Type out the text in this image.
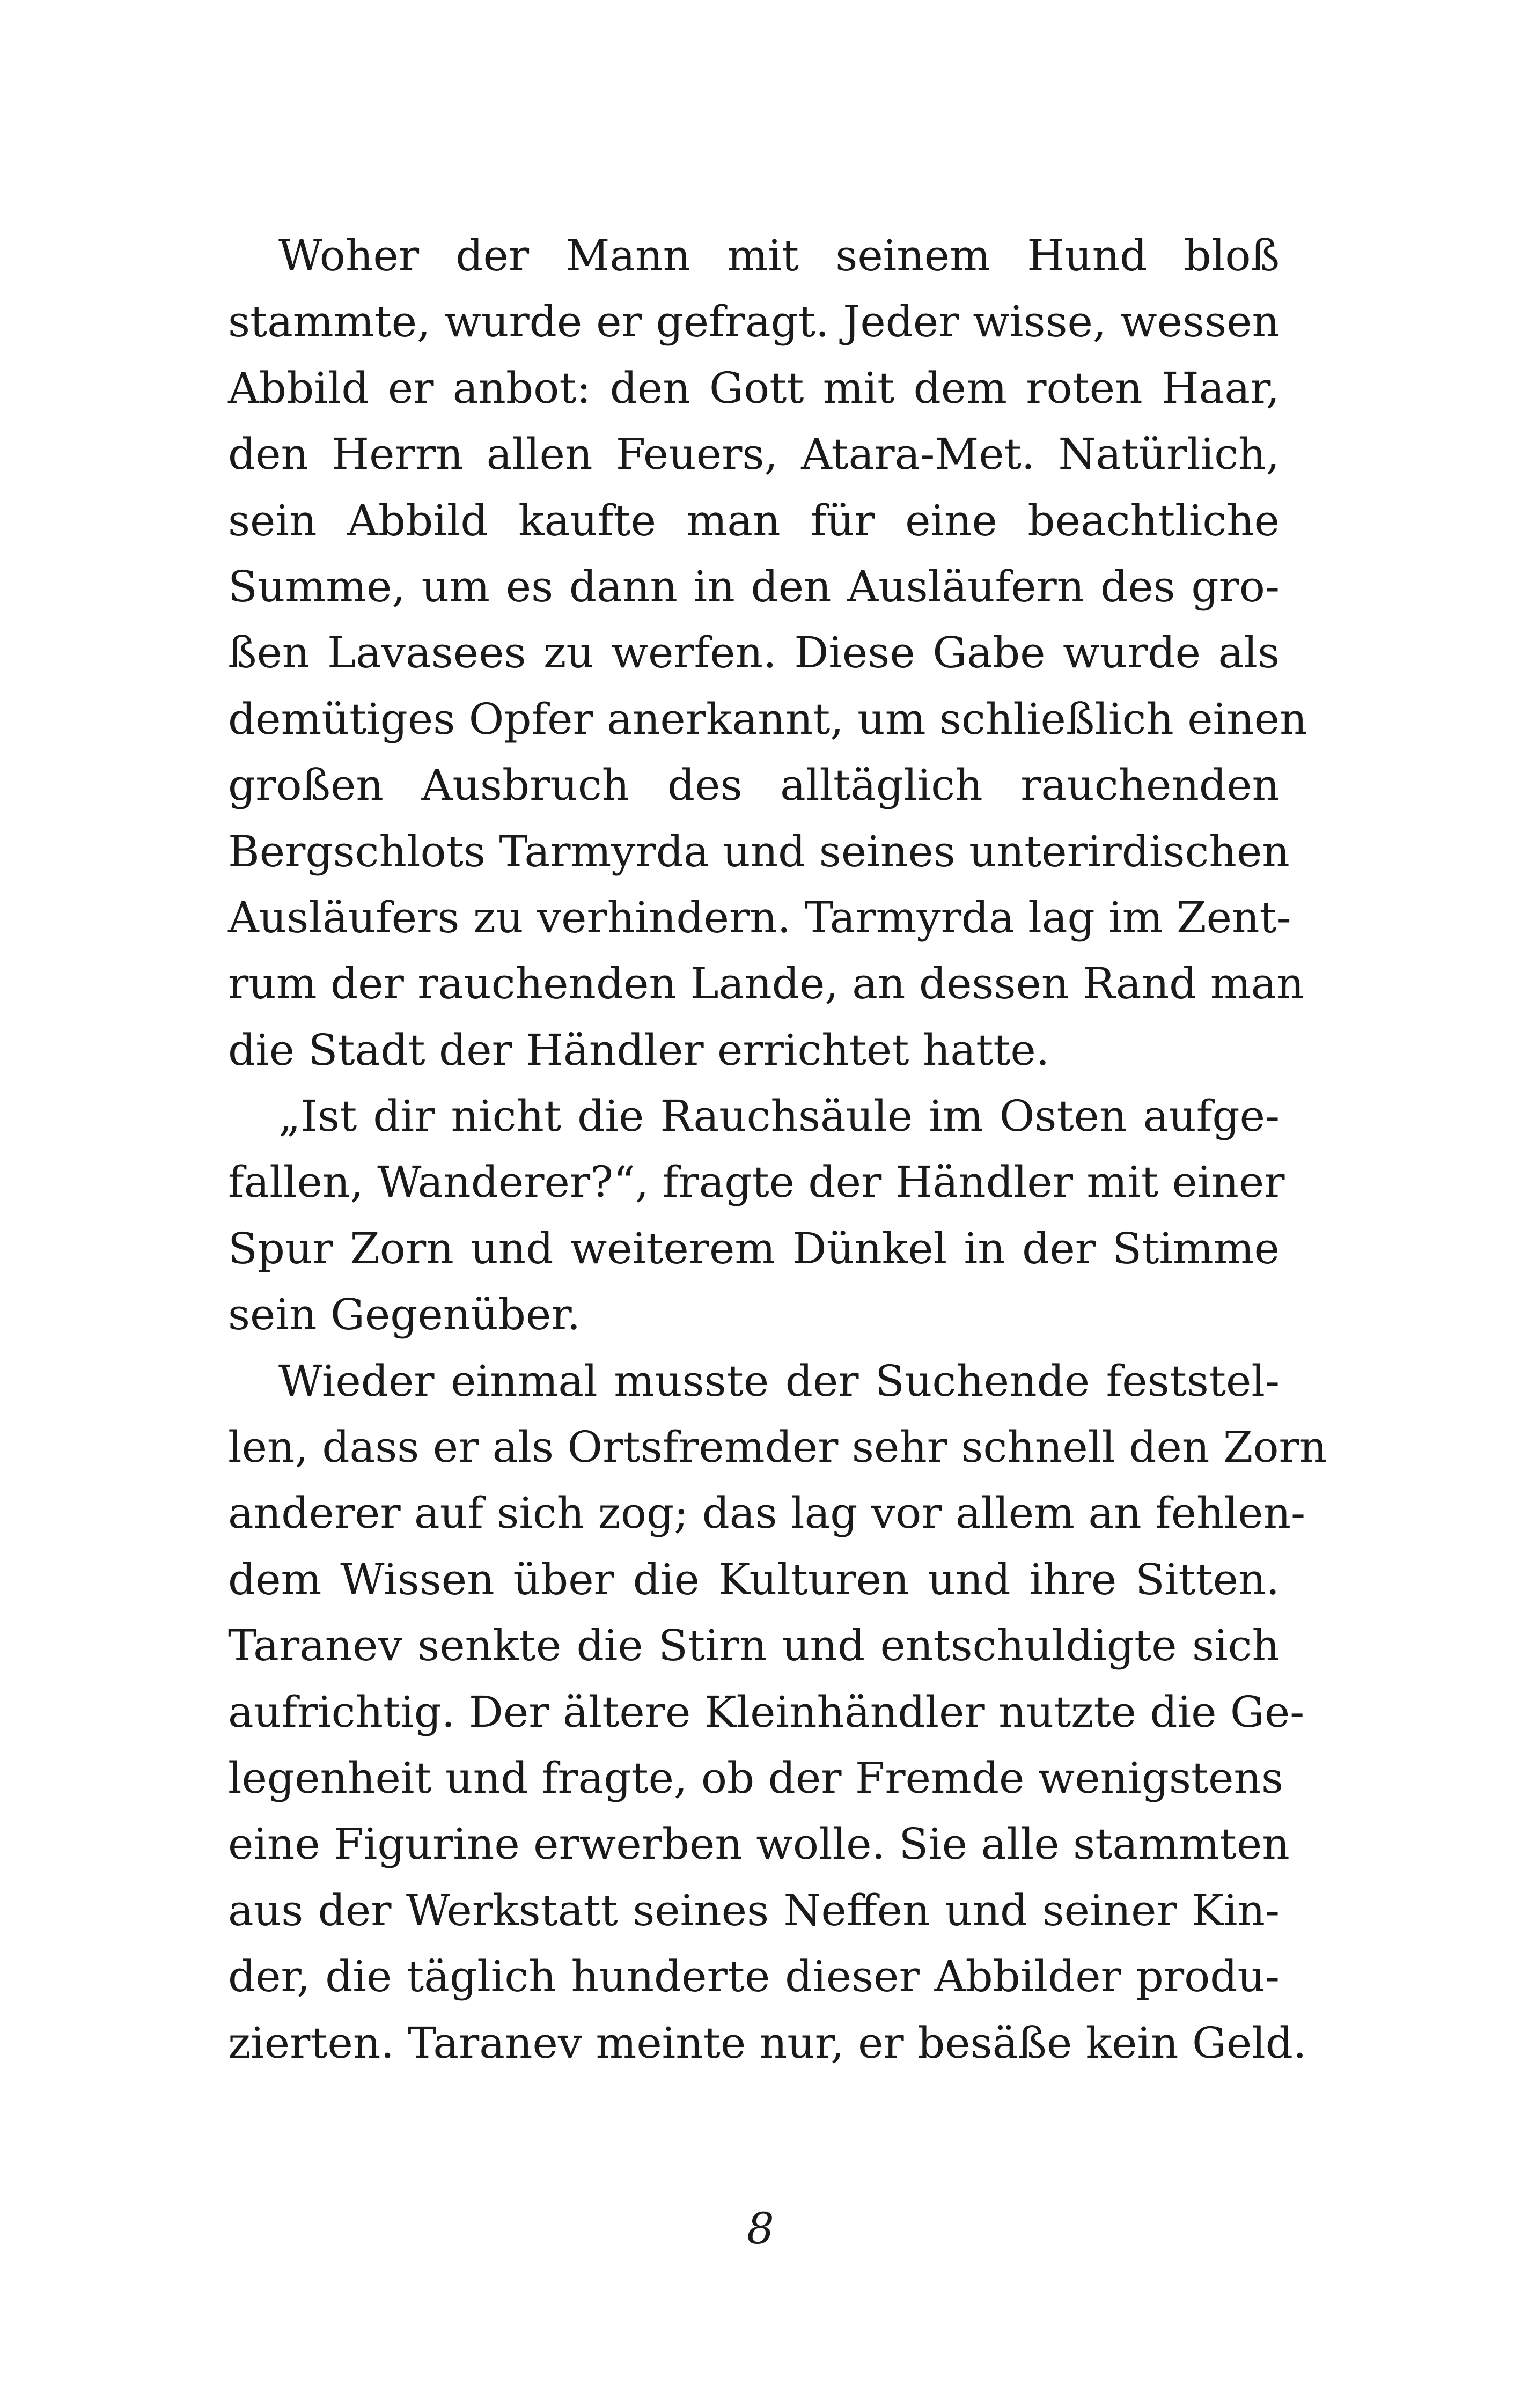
Woher der Mann mit seinem Hund bloß
stammte, wurde er gefragt. Jeder wisse, wessen
Abbild er anbot: den Gott mit dem roten Haar,
den Herrn allen Feuers, Atara-Met. Natürlich,
sein Abbild kaufte man für eine beachtliche
Summe, um es dann in den Ausläufern des gro-
ßen Lavasees zu werfen. Diese Gabe wurde als
demütiges Opfer anerkannt, um schließlich einen
großen Ausbruch des alltäglich rauchenden
Bergschlots Tarmyrda und seines unterirdischen
Ausläufers zu verhindern. Tarmyrda lag im Zent-
rum der rauchenden Lande, an dessen Rand man
die Stadt der Händler errichtet hatte.
„Ist dir nicht die Rauchsäule im Osten aufge-
fallen, Wanderer?“, fragte der Händler mit einer
Spur Zorn und weiterem Dünkel in der Stimme
sein Gegenüber.
Wieder einmal musste der Suchende feststel-
len, dass er als Ortsfremder sehr schnell den Zorn
anderer auf sich zog; das lag vor allem an fehlen-
dem Wissen über die Kulturen und ihre Sitten.
Taranev senkte die Stirn und entschuldigte sich
aufrichtig. Der ältere Kleinhändler nutzte die Ge-
legenheit und fragte, ob der Fremde wenigstens
eine Figurine erwerben wolle. Sie alle stammten
aus der Werkstatt seines Neffen und seiner Kin-
der, die täglich hunderte dieser Abbilder produ-
zierten. Taranev meinte nur, er besäße kein Geld.
8
